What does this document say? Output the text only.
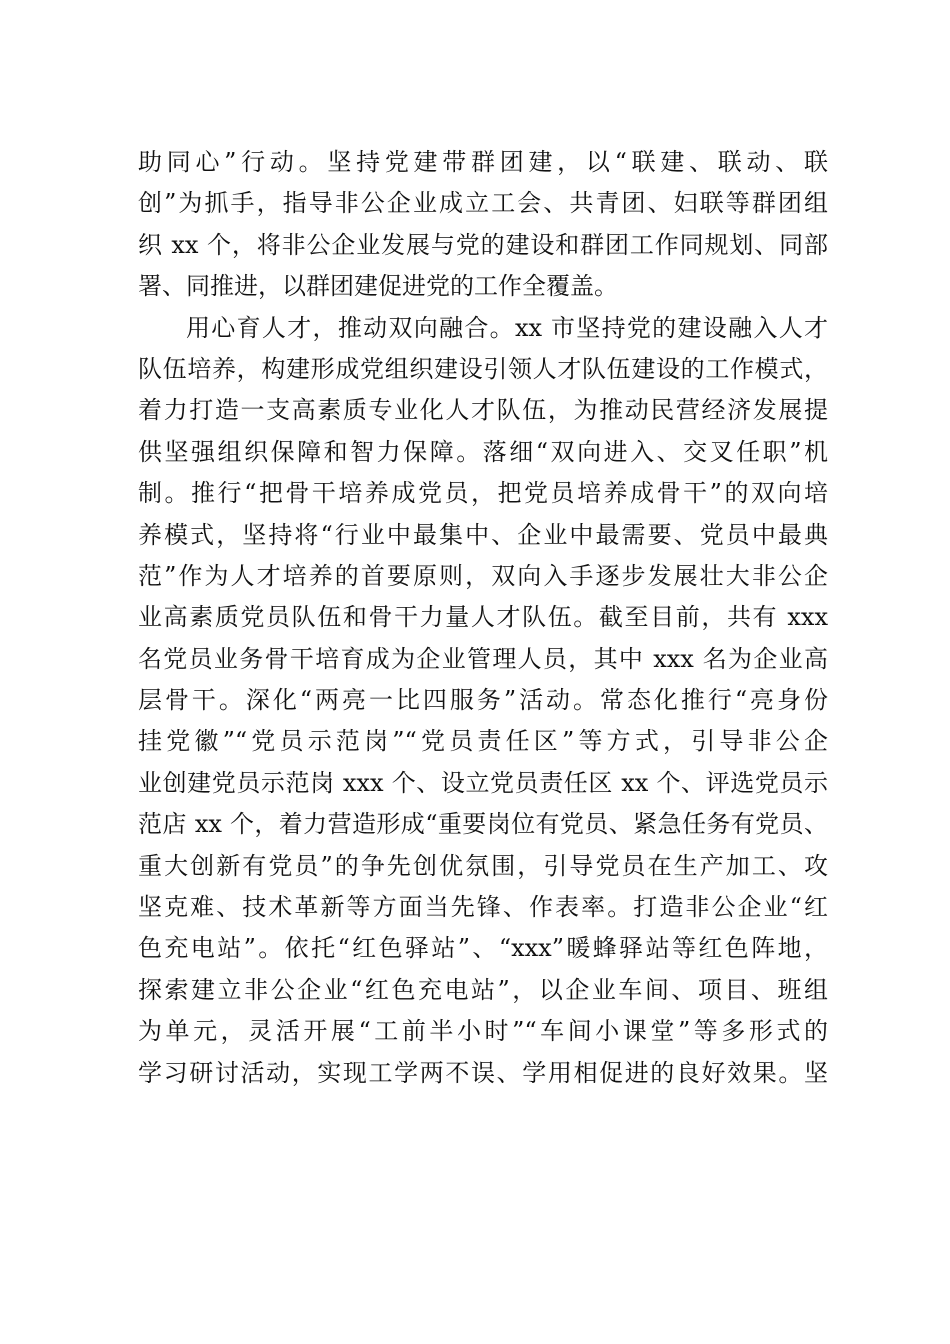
助同心”行动。坚持党建带群团建，以“联建、联动、联
创”为抓手，指导非公企业成立工会、共青团、妇联等群团组
织 xx 个，将非公企业发展与党的建设和群团工作同规划、同部
署、同推进，以群团建促进党的工作全覆盖。
用心育人才，推动双向融合。xx 市坚持党的建设融入人才
队伍培养，构建形成党组织建设引领人才队伍建设的工作模式，
着力打造一支高素质专业化人才队伍，为推动民营经济发展提
供坚强组织保障和智力保障。落细“双向进入、交叉任职”机
制。推行“把骨干培养成党员，把党员培养成骨干”的双向培
养模式，坚持将“行业中最集中、企业中最需要、党员中最典
范”作为人才培养的首要原则，双向入手逐步发展壮大非公企
业高素质党员队伍和骨干力量人才队伍。截至目前，共有 xxx
名党员业务骨干培育成为企业管理人员，其中 xxx 名为企业高
层骨干。深化“两亮一比四服务”活动。常态化推行“亮身份
挂党徽”“党员示范岗”“党员责任区”等方式，引导非公企
业创建党员示范岗 xxx 个、设立党员责任区 xx 个、评选党员示
范店 xx 个，着力营造形成“重要岗位有党员、紧急任务有党员、
重大创新有党员”的争先创优氛围，引导党员在生产加工、攻
坚克难、技术革新等方面当先锋、作表率。打造非公企业“红
色充电站”。依托“红色驿站”、“xxx”暖蜂驿站等红色阵地，
探索建立非公企业“红色充电站”，以企业车间、项目、班组
为单元，灵活开展“工前半小时”“车间小课堂”等多形式的
学习研讨活动，实现工学两不误、学用相促进的良好效果。坚
